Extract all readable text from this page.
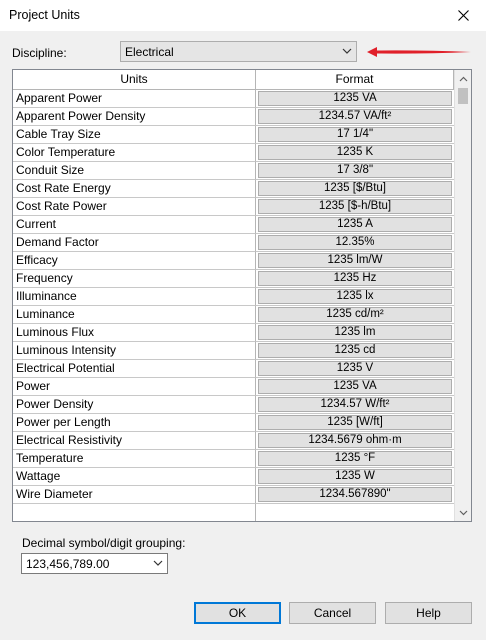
Project Units
Discipline:	Electrical
Units	Format
Apparent Power	1235 VA
Apparent Power Density	1234.57 VA/ft²
Cable Tray Size	17 1/4"
Color Temperature	1235 K
Conduit Size	17 3/8"
Cost Rate Energy	1235 [$/Btu]
Cost Rate Power	1235 [$-h/Btu]
Current	1235 A
Demand Factor	12.35%
Efficacy	1235 lm/W
Frequency	1235 Hz
Illuminance	1235 lx
Luminance	1235 cd/m²
Luminous Flux	1235 lm
Luminous Intensity	1235 cd
Electrical Potential	1235 V
Power	1235 VA
Power Density	1234.57 W/ft²
Power per Length	1235 [W/ft]
Electrical Resistivity	1234.5679 ohm·m
Temperature	1235 °F
Wattage	1235 W
Wire Diameter	1234.567890"
Decimal symbol/digit grouping:
123,456,789.00
OK	Cancel	Help
